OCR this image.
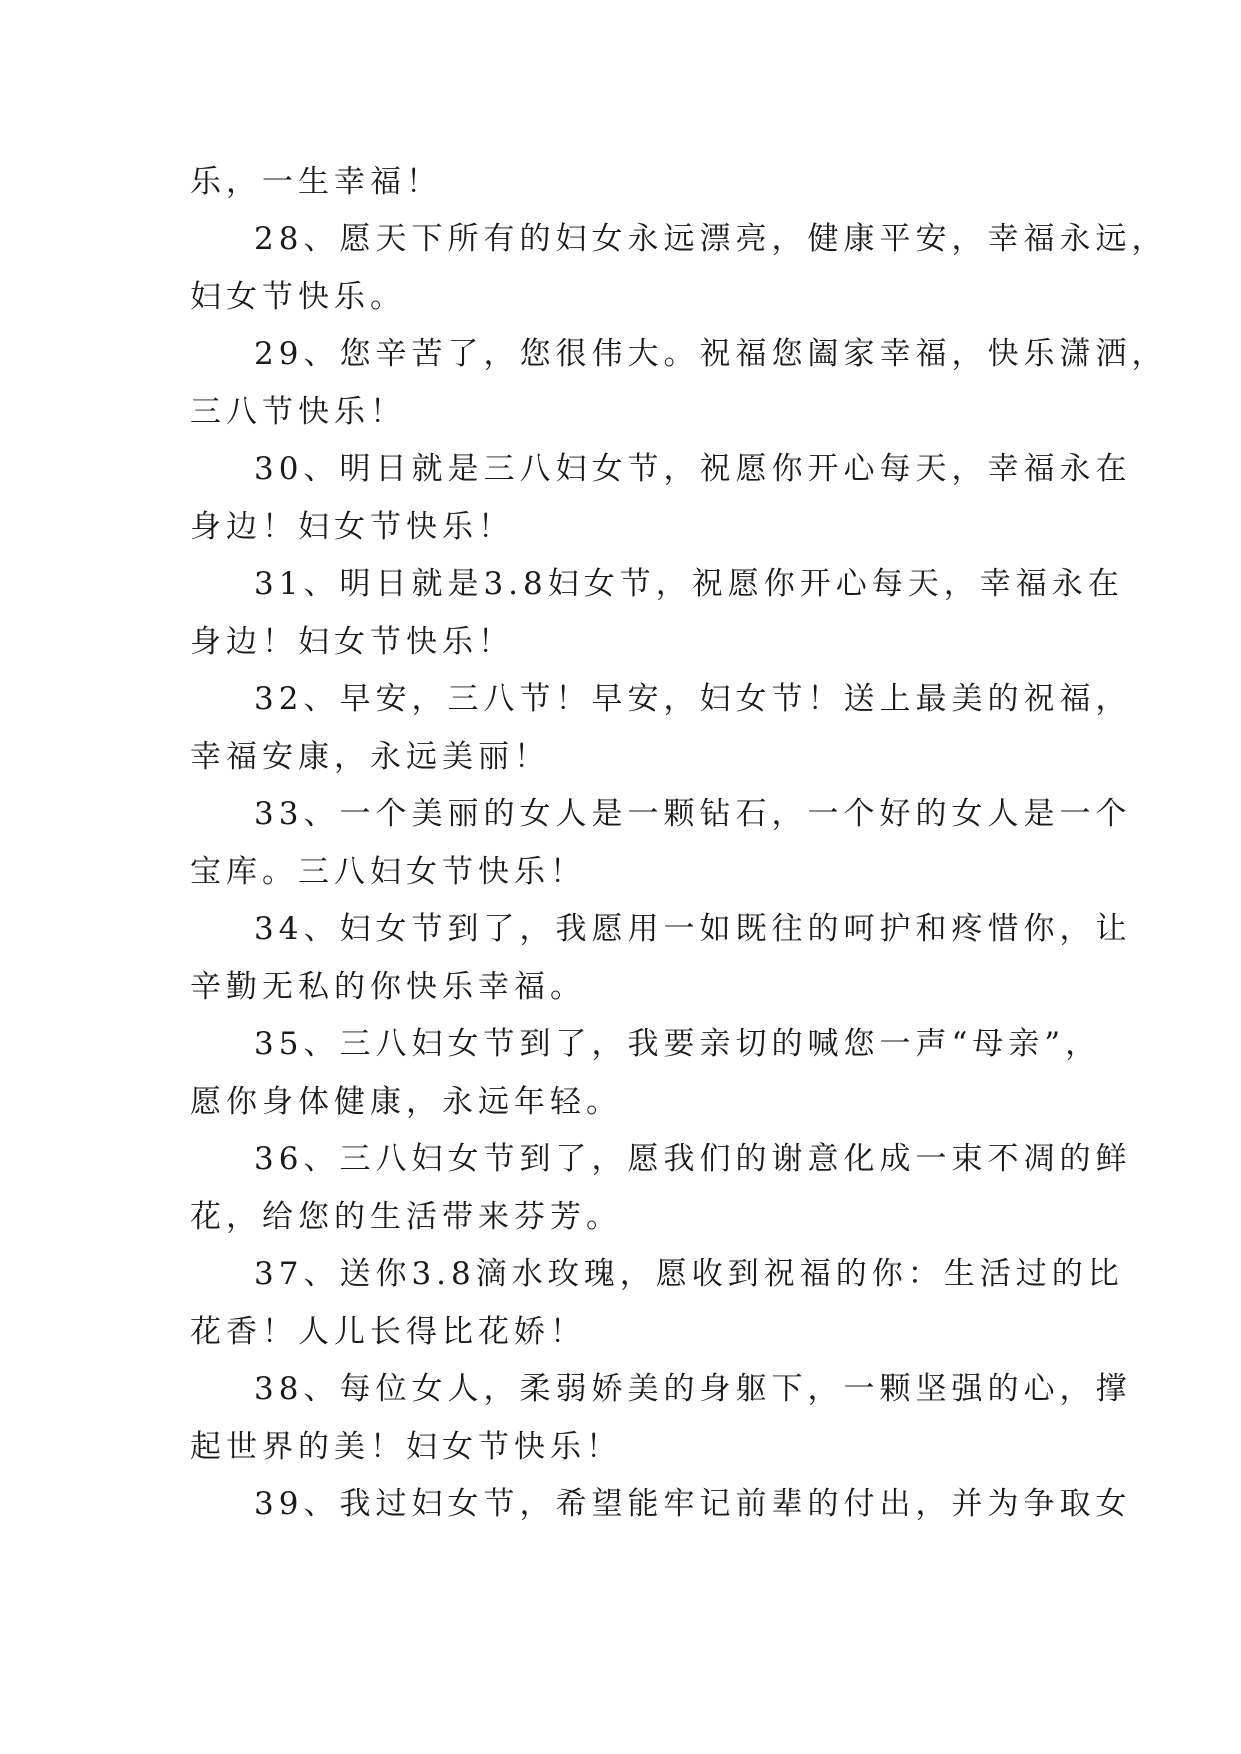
乐，一生幸福！
28、愿天下所有的妇女永远漂亮，健康平安，幸福永远，
妇女节快乐。
29、您辛苦了，您很伟大。祝福您阖家幸福，快乐潇洒，
三八节快乐！
30、明日就是三八妇女节，祝愿你开心每天，幸福永在
身边！妇女节快乐！
31、明日就是3.8妇女节，祝愿你开心每天，幸福永在
身边！妇女节快乐！
32、早安，三八节！早安，妇女节！送上最美的祝福，
幸福安康，永远美丽！
33、一个美丽的女人是一颗钻石，一个好的女人是一个
宝库。三八妇女节快乐！
34、妇女节到了，我愿用一如既往的呵护和疼惜你，让
辛勤无私的你快乐幸福。
35、三八妇女节到了，我要亲切的喊您一声“母亲”，
愿你身体健康，永远年轻。
36、三八妇女节到了，愿我们的谢意化成一束不凋的鲜
花，给您的生活带来芬芳。
37、送你3.8滴水玫瑰，愿收到祝福的你：生活过的比
花香！人儿长得比花娇！
38、每位女人，柔弱娇美的身躯下，一颗坚强的心，撑
起世界的美！妇女节快乐！
39、我过妇女节，希望能牢记前辈的付出，并为争取女
